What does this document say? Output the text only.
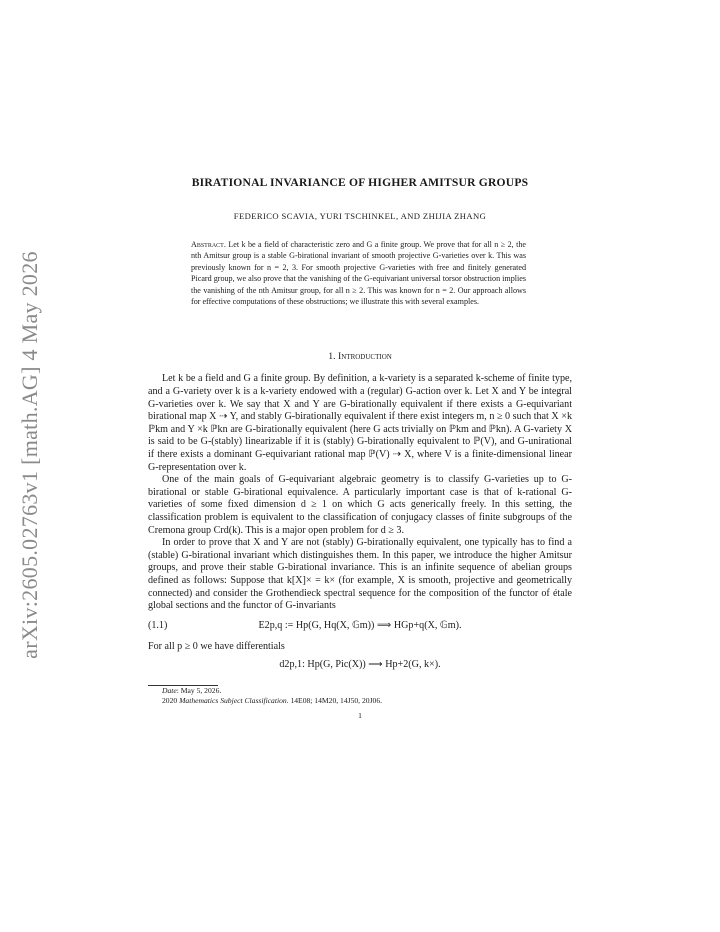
arXiv:2605.02763v1 [math.AG] 4 May 2026
BIRATIONAL INVARIANCE OF HIGHER AMITSUR GROUPS
FEDERICO SCAVIA, YURI TSCHINKEL, AND ZHIJIA ZHANG
Abstract. Let k be a field of characteristic zero and G a finite group. We prove that for all n ≥ 2, the nth Amitsur group is a stable G-birational invariant of smooth projective G-varieties over k. This was previously known for n = 2, 3. For smooth projective G-varieties with free and finitely generated Picard group, we also prove that the vanishing of the G-equivariant universal torsor obstruction implies the vanishing of the nth Amitsur group, for all n ≥ 2. This was known for n = 2. Our approach allows for effective computations of these obstructions; we illustrate this with several examples.
1. Introduction

Let k be a field and G a finite group. By definition, a k-variety is a separated k-scheme of finite type, and a G-variety over k is a k-variety endowed with a (regular) G-action over k. Let X and Y be integral G-varieties over k. We say that X and Y are G-birationally equivalent if there exists a G-equivariant birational map X ⇢ Y, and stably G-birationally equivalent if there exist integers m, n ≥ 0 such that X ×k ℙkm and Y ×k ℙkn are G-birationally equivalent (here G acts trivially on ℙkm and ℙkn). A G-variety X is said to be G-(stably) linearizable if it is (stably) G-birationally equivalent to ℙ(V), and G-unirational if there exists a dominant G-equivariant rational map ℙ(V) ⇢ X, where V is a finite-dimensional linear G-representation over k.

One of the main goals of G-equivariant algebraic geometry is to classify G-varieties up to G-birational or stable G-birational equivalence. A particularly important case is that of k-rational G-varieties of some fixed dimension d ≥ 1 on which G acts generically freely. In this setting, the classification problem is equivalent to the classification of conjugacy classes of finite subgroups of the Cremona group Crd(k). This is a major open problem for d ≥ 3.

In order to prove that X and Y are not (stably) G-birationally equivalent, one typically has to find a (stable) G-birational invariant which distinguishes them. In this paper, we introduce the higher Amitsur groups, and prove their stable G-birational invariance. This is an infinite sequence of abelian groups defined as follows: Suppose that k[X]× = k× (for example, X is smooth, projective and geometrically connected) and consider the Grothendieck spectral sequence for the composition of the functor of étale global sections and the functor of G-invariants

(1.1)	E2p,q := Hp(G, Hq(X, 𝔾m)) ⟹ HGp+q(X, 𝔾m).

For all p ≥ 0 we have differentials

d2p,1: Hp(G, Pic(X)) ⟶ Hp+2(G, k×).
Date: May 5, 2026.
2020 Mathematics Subject Classification. 14E08; 14M20, 14J50, 20J06.
1
